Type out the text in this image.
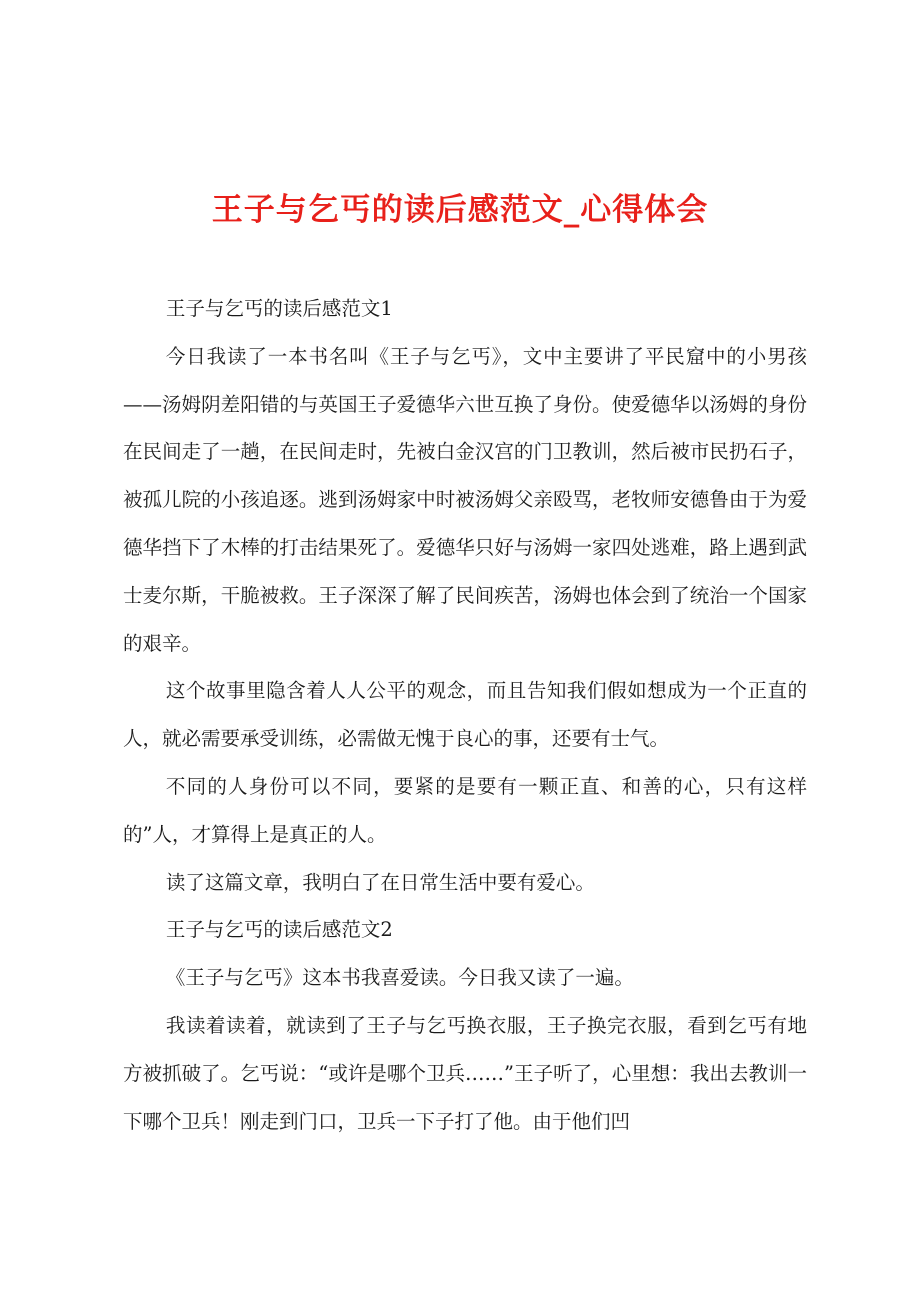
王子与乞丐的读后感范文_心得体会

王子与乞丐的读后感范文1

今日我读了一本书名叫《王子与乞丐》，文中主要讲了平民窟中的小男孩——汤姆阴差阳错的与英国王子爱德华六世互换了身份。使爱德华以汤姆的身份在民间走了一趟，在民间走时，先被白金汉宫的门卫教训，然后被市民扔石子，被孤儿院的小孩追逐。逃到汤姆家中时被汤姆父亲殴骂，老牧师安德鲁由于为爱德华挡下了木棒的打击结果死了。爱德华只好与汤姆一家四处逃难，路上遇到武士麦尔斯，干脆被救。王子深深了解了民间疾苦，汤姆也体会到了统治一个国家的艰辛。

这个故事里隐含着人人公平的观念，而且告知我们假如想成为一个正直的人，就必需要承受训练，必需做无愧于良心的事，还要有士气。

不同的人身份可以不同，要紧的是要有一颗正直、和善的心，只有这样的”人，才算得上是真正的人。

读了这篇文章，我明白了在日常生活中要有爱心。

王子与乞丐的读后感范文2

《王子与乞丐》这本书我喜爱读。今日我又读了一遍。

我读着读着，就读到了王子与乞丐换衣服，王子换完衣服，看到乞丐有地方被抓破了。乞丐说：“或许是哪个卫兵……”王子听了，心里想：我出去教训一下哪个卫兵！刚走到门口，卫兵一下子打了他。由于他们凹
